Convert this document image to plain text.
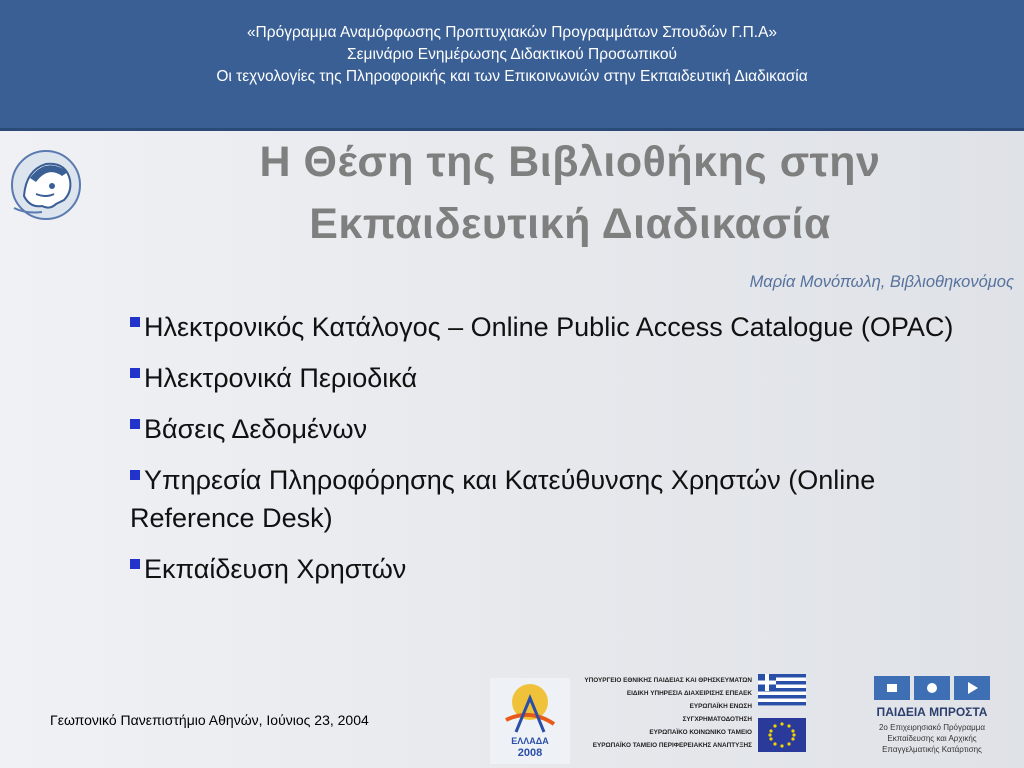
«Πρόγραμμα Αναμόρφωσης Προπτυχιακών Προγραμμάτων Σπουδών Γ.Π.Α»
Σεμινάριο Ενημέρωσης Διδακτικού Προσωπικού
Οι τεχνολογίες της Πληροφορικής και των Επικοινωνιών στην Εκπαιδευτική Διαδικασία
Η Θέση της Βιβλιοθήκης στην
Εκπαιδευτική Διαδικασία
Μαρία Μονόπωλη, Βιβλιοθηκονόμος
Ηλεκτρονικός Κατάλογος – Online Public Access Catalogue (OPAC)
Ηλεκτρονικά Περιοδικά
Βάσεις Δεδομένων
Υπηρεσία Πληροφόρησης και Κατεύθυνσης Χρηστών (Online Reference Desk)
Εκπαίδευση Χρηστών
Γεωπονικό Πανεπιστήμιο Αθηνών, Ιούνιος 23, 2004
ΕΛΛΑΔΑ
2008
ΥΠΟΥΡΓΕΙΟ ΕΘΝΙΚΗΣ ΠΑΙΔΕΙΑΣ ΚΑΙ ΘΡΗΣΚΕΥΜΑΤΩΝ
ΕΙΔΙΚΗ ΥΠΗΡΕΣΙΑ ΔΙΑΧΕΙΡΙΣΗΣ ΕΠΕΑΕΚ
ΕΥΡΩΠΑΪΚΗ ΕΝΩΣΗ
ΣΥΓΧΡΗΜΑΤΟΔΟΤΗΣΗ
ΕΥΡΩΠΑΪΚΟ ΚΟΙΝΩΝΙΚΟ ΤΑΜΕΙΟ
ΕΥΡΩΠΑΪΚΟ ΤΑΜΕΙΟ ΠΕΡΙΦΕΡΕΙΑΚΗΣ ΑΝΑΠΤΥΞΗΣ
ΠΑΙΔΕΙΑ ΜΠΡΟΣΤΑ
2ο Επιχειρησιακό Πρόγραμμα
Εκπαίδευσης και Αρχικής
Επαγγελματικής Κατάρτισης
